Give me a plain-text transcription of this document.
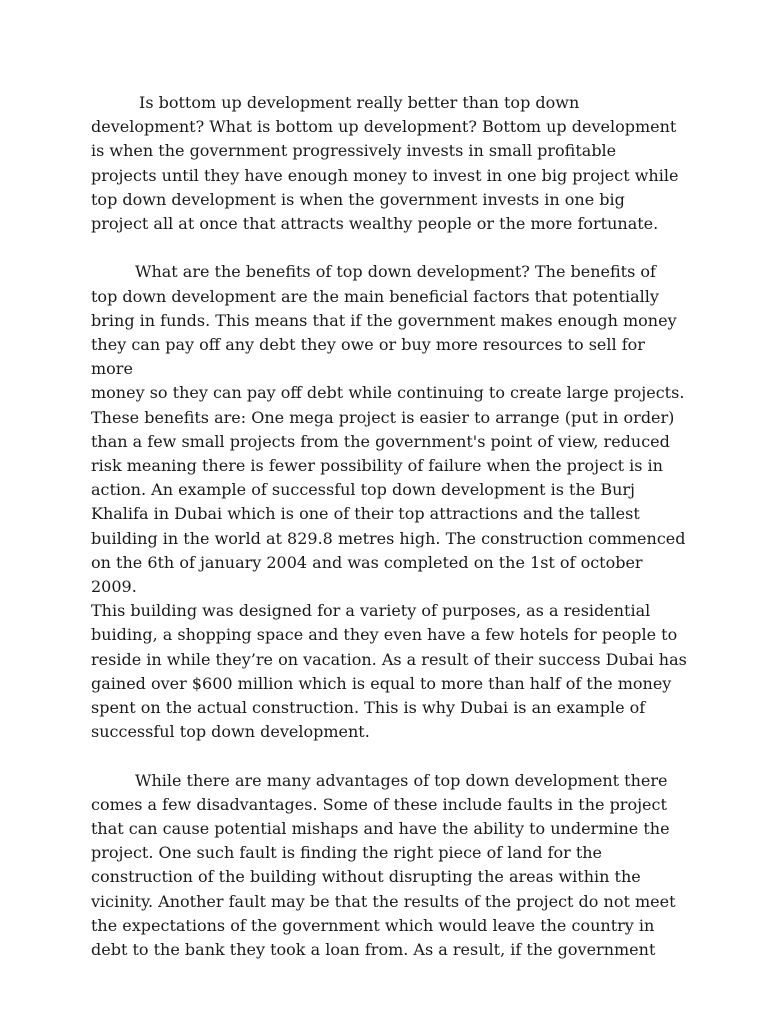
Is bottom up development really better than top down
development? What is bottom up development? Bottom up development
is when the government progressively invests in small profitable
projects until they have enough money to invest in one big project while
top down development is when the government invests in one big
project all at once that attracts wealthy people or the more fortunate.

What are the benefits of top down development? The benefits of
top down development are the main beneficial factors that potentially
bring in funds. This means that if the government makes enough money
they can pay off any debt they owe or buy more resources to sell for more
money so they can pay off debt while continuing to create large projects.
These benefits are: One mega project is easier to arrange (put in order)
than a few small projects from the government's point of view, reduced
risk meaning there is fewer possibility of failure when the project is in
action. An example of successful top down development is the Burj
Khalifa in Dubai which is one of their top attractions and the tallest
building in the world at 829.8 metres high. The construction commenced
on the 6th of january 2004 and was completed on the 1st of october 2009.
This building was designed for a variety of purposes, as a residential
buiding, a shopping space and they even have a few hotels for people to
reside in while they’re on vacation. As a result of their success Dubai has
gained over $600 million which is equal to more than half of the money
spent on the actual construction. This is why Dubai is an example of
successful top down development.

While there are many advantages of top down development there
comes a few disadvantages. Some of these include faults in the project
that can cause potential mishaps and have the ability to undermine the
project. One such fault is finding the right piece of land for the
construction of the building without disrupting the areas within the
vicinity. Another fault may be that the results of the project do not meet
the expectations of the government which would leave the country in
debt to the bank they took a loan from. As a result, if the government
